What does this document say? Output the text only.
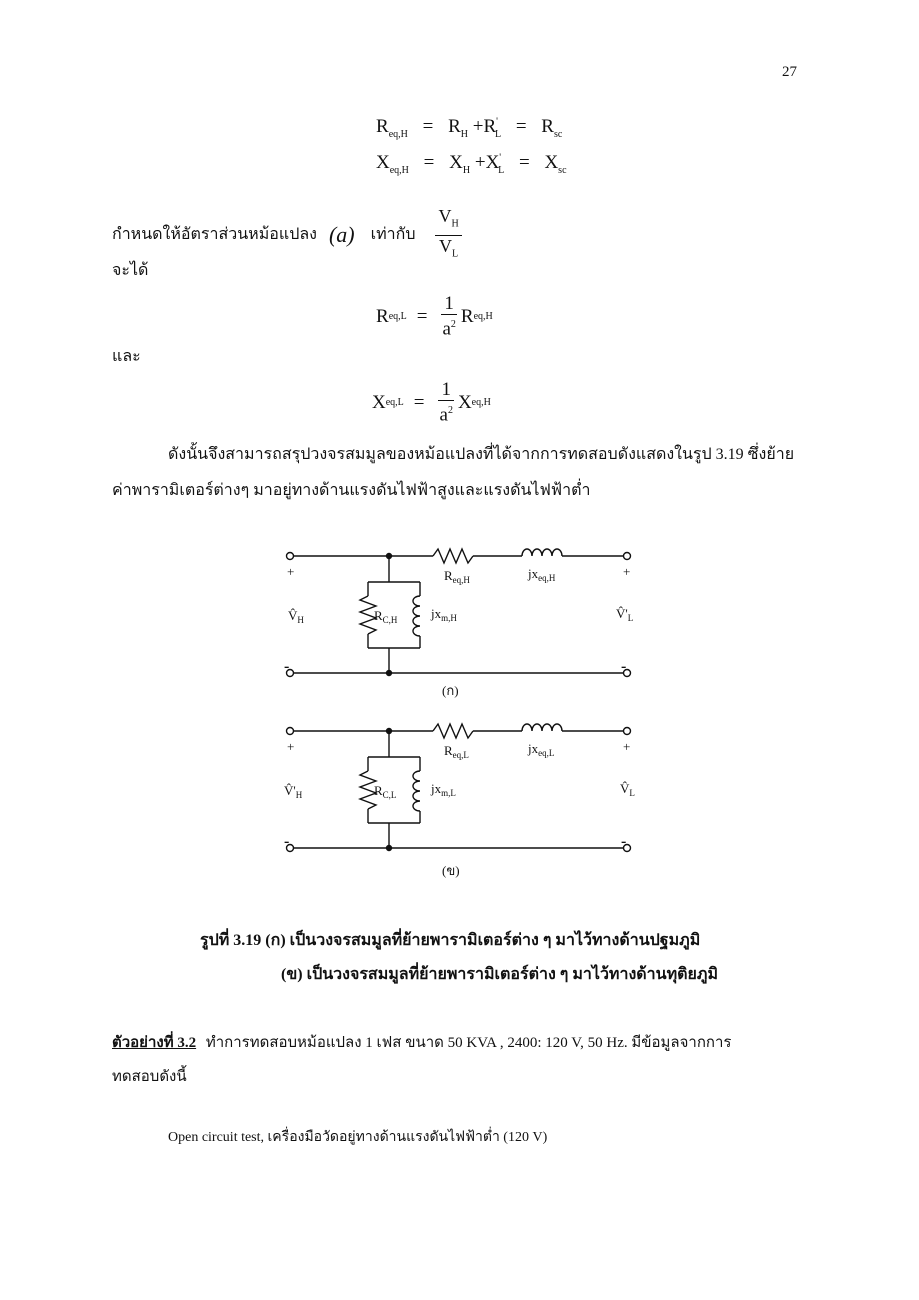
27
$R_{eq,H} = R_H +R'_L = R_{sc}$
$X_{eq,H} = X_H +X'_L = X_{sc}$
กำหนดให้อัตราส่วนหม้อแปลง (a) เท่ากับ $\frac{V_H}{V_L}$
จะได้
R $eq,L = \frac{1}{a^2}$ R eq,H
และ
X $eq,L = \frac{1}{a^2}$ X eq,H
ดังนั้นจึงสามารถสรุปวงจรสมมูลของหม้อแปลงที่ได้จากการทดสอบดังแสดงในรูป 3.19 ซึ่งย้าย
ค่าพารามิเตอร์ต่างๆ มาอยู่ทางด้านแรงดันไฟฟ้าสูงและแรงดันไฟฟ้าต่ำ
+	+
-	-
$R_{eq,H}$	$jx_{eq,H}$
$R_{C,H}$	$jx_{m,H}$
$V̂_H$	$V̂'_L$
(ก)
+	+
-	-
$R_{eq,L}$	$jx_{eq,L}$
$R_{C,L}$	$jx_{m,L}$
$V̂'_H$	$V̂_L$
(ข)
รูปที่ 3.19 (ก) เป็นวงจรสมมูลที่ย้ายพารามิเตอร์ต่าง ๆ มาไว้ทางด้านปฐมภูมิ
(ข) เป็นวงจรสมมูลที่ย้ายพารามิเตอร์ต่าง ๆ มาไว้ทางด้านทุติยภูมิ
ตัวอย่างที่ 3.2 ทำการทดสอบหม้อแปลง 1 เฟส ขนาด 50 KVA , 2400: 120 V, 50 Hz. มีข้อมูลจากการ
ทดสอบดังนี้
Open circuit test, เครื่องมือวัดอยู่ทางด้านแรงดันไฟฟ้าต่ำ (120 V)
